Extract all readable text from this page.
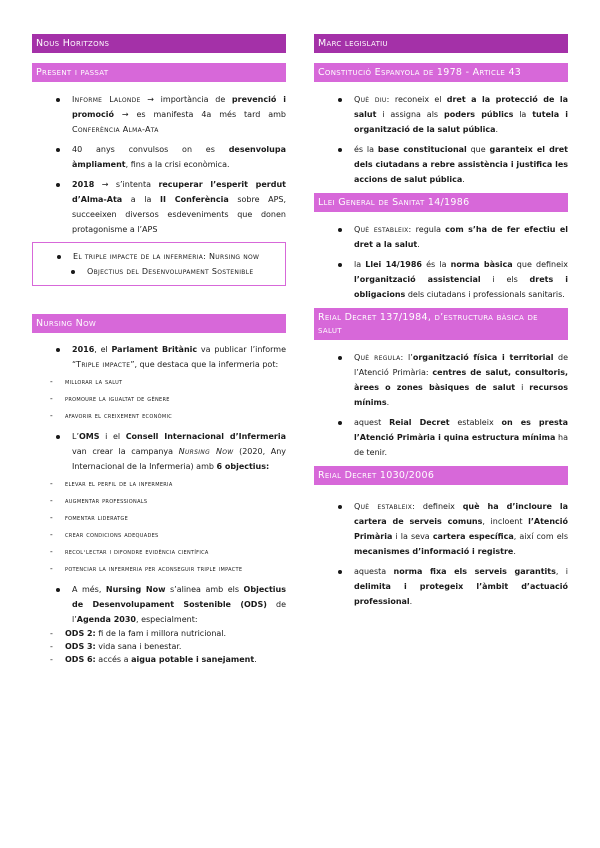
Nous Horitzons
Present i passat
Informe Lalonde → importància de prevenció i promoció → es manifesta 4a més tard amb Conferència Alma-Ata
40 anys convulsos on es desenvolupa àmpliament, fins a la crisi econòmica.
2018 → s’intenta recuperar l’esperit perdut d’Alma-Ata a la II Conferència sobre APS, succeeixen diversos esdeveniments que donen protagonisme a l’APS
El triple impacte de la infermeria: Nursing now
Objectius del Desenvolupament Sostenible
Nursing Now
2016, el Parlament Britànic va publicar l’informe “Triple impacte”, que destaca que la infermeria pot:
- millorar la salut
- promoure la igualtat de gènere
- afavorir el creixement econòmic
L’OMS i el Consell Internacional d’Infermeria van crear la campanya Nursing Now (2020, Any Internacional de la Infermeria) amb 6 objectius:
- elevar el perfil de la infermeria
- augmentar professionals
- fomentar lideratge
- crear condicions adequades
- recol·lectar i difondre evidència científica
- potenciar la infermeria per aconseguir triple impacte
A més, Nursing Now s’alinea amb els Objectius de Desenvolupament Sostenible (ODS) de l’Agenda 2030, especialment:
- ODS 2: fi de la fam i millora nutricional.
- ODS 3: vida sana i benestar.
- ODS 6: accés a aigua potable i sanejament.
Marc legislatiu
Constitució Espanyola de 1978 - Article 43
Què diu: reconeix el dret a la protecció de la salut i assigna als poders públics la tutela i organització de la salut pública.
és la base constitucional que garanteix el dret dels ciutadans a rebre assistència i justifica les accions de salut pública.
Llei General de Sanitat 14/1986
Què estableix: regula com s’ha de fer efectiu el dret a la salut.
la Llei 14/1986 és la norma bàsica que defineix l’organització assistencial i els drets i obligacions dels ciutadans i professionals sanitaris.
Reial Decret 137/1984, d’estructura bàsica de salut
Què regula: l’organització física i territorial de l’Atenció Primària: centres de salut, consultoris, àrees o zones bàsiques de salut i recursos mínims.
aquest Reial Decret estableix on es presta l’Atenció Primària i quina estructura mínima ha de tenir.
Reial Decret 1030/2006
Què estableix: defineix què ha d’incloure la cartera de serveis comuns, incloent l’Atenció Primària i la seva cartera específica, així com els mecanismes d’informació i registre.
aquesta norma fixa els serveis garantits, i delimita i protegeix l’àmbit d’actuació professional.
